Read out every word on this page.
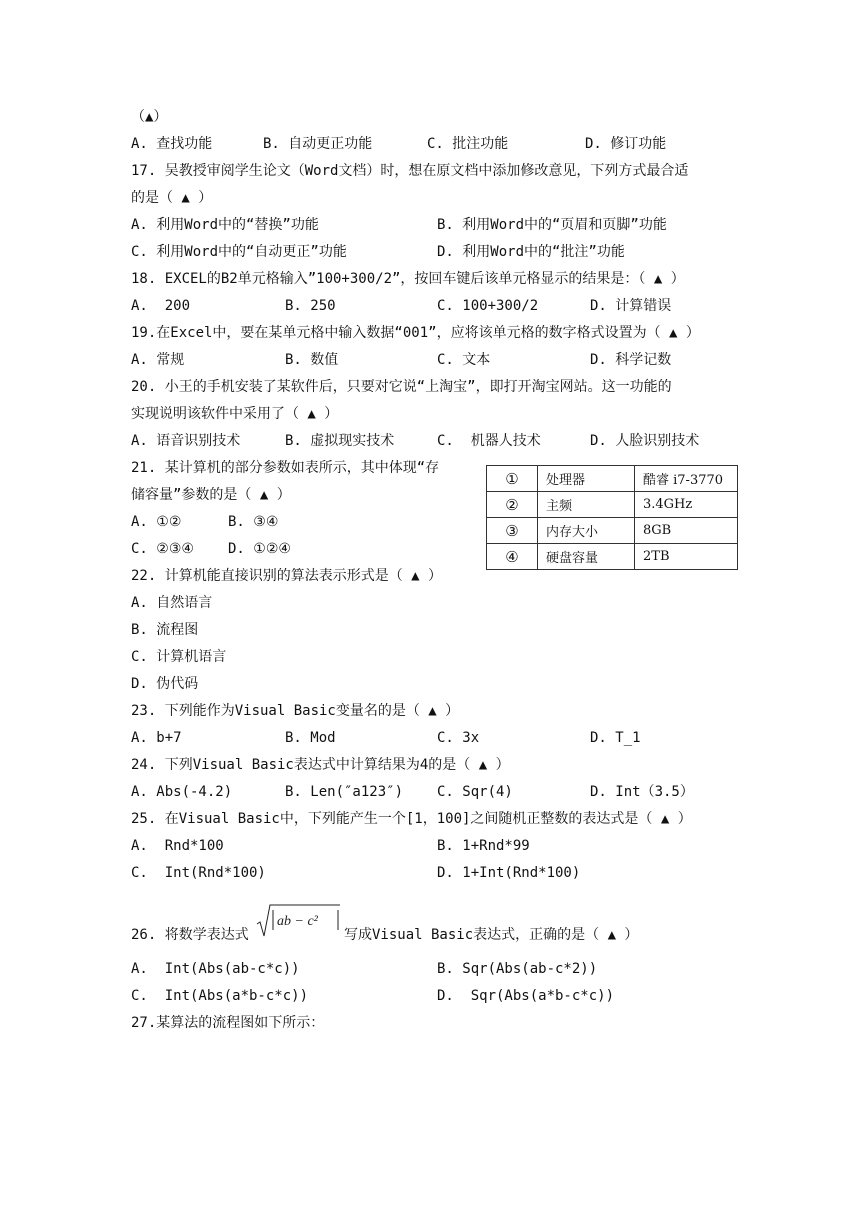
（▲）
A. 查找功能	B. 自动更正功能	C. 批注功能	D. 修订功能
17. 吴教授审阅学生论文（Word文档）时，想在原文档中添加修改意见，下列方式最合适
的是（ ▲ ）
A. 利用Word中的“替换”功能	B. 利用Word中的“页眉和页脚”功能
C. 利用Word中的“自动更正”功能	D. 利用Word中的“批注”功能
18. EXCEL的B2单元格输入”100+300/2”，按回车键后该单元格显示的结果是：（ ▲ ）
A.  200	B. 250	C. 100+300/2	D. 计算错误
19.在Excel中，要在某单元格中输入数据“001”，应将该单元格的数字格式设置为（ ▲ ）
A. 常规	B. 数值	C. 文本	D. 科学记数
20. 小王的手机安装了某软件后，只要对它说“上淘宝”，即打开淘宝网站。这一功能的
实现说明该软件中采用了（ ▲ ）
A. 语音识别技术	B. 虚拟现实技术	C.  机器人技术	D. 人脸识别技术
21. 某计算机的部分参数如表所示，其中体现“存
储容量”参数的是（ ▲ ）
A. ①②	B. ③④
C. ②③④ D. ①②④
①	处理器	酷睿 i7-3770
②	主频	3.4GHz
③	内存大小	8GB
④	硬盘容量	2TB
22. 计算机能直接识别的算法表示形式是（ ▲ ）
A. 自然语言
B. 流程图
C. 计算机语言
D. 伪代码
23. 下列能作为Visual Basic变量名的是（ ▲ ）
A. b+7	B. Mod	C. 3x	D. T_1
24. 下列Visual Basic表达式中计算结果为4的是（ ▲ ）
A. Abs(-4.2)	B. Len(″a123″) C. Sqr(4)	D. Int（3.5）
25. 在Visual Basic中，下列能产生一个[1，100]之间随机正整数的表达式是（ ▲ ）
A.  Rnd*100	B. 1+Rnd*99
C.  Int(Rnd*100)	D. 1+Int(Rnd*100)
26. 将数学表达式
ab − c²
写成Visual Basic表达式，正确的是（ ▲ ）
A.  Int(Abs(ab-c*c))	B. Sqr(Abs(ab-c*2))
C.  Int(Abs(a*b-c*c))	D.  Sqr(Abs(a*b-c*c))
27.某算法的流程图如下所示：
